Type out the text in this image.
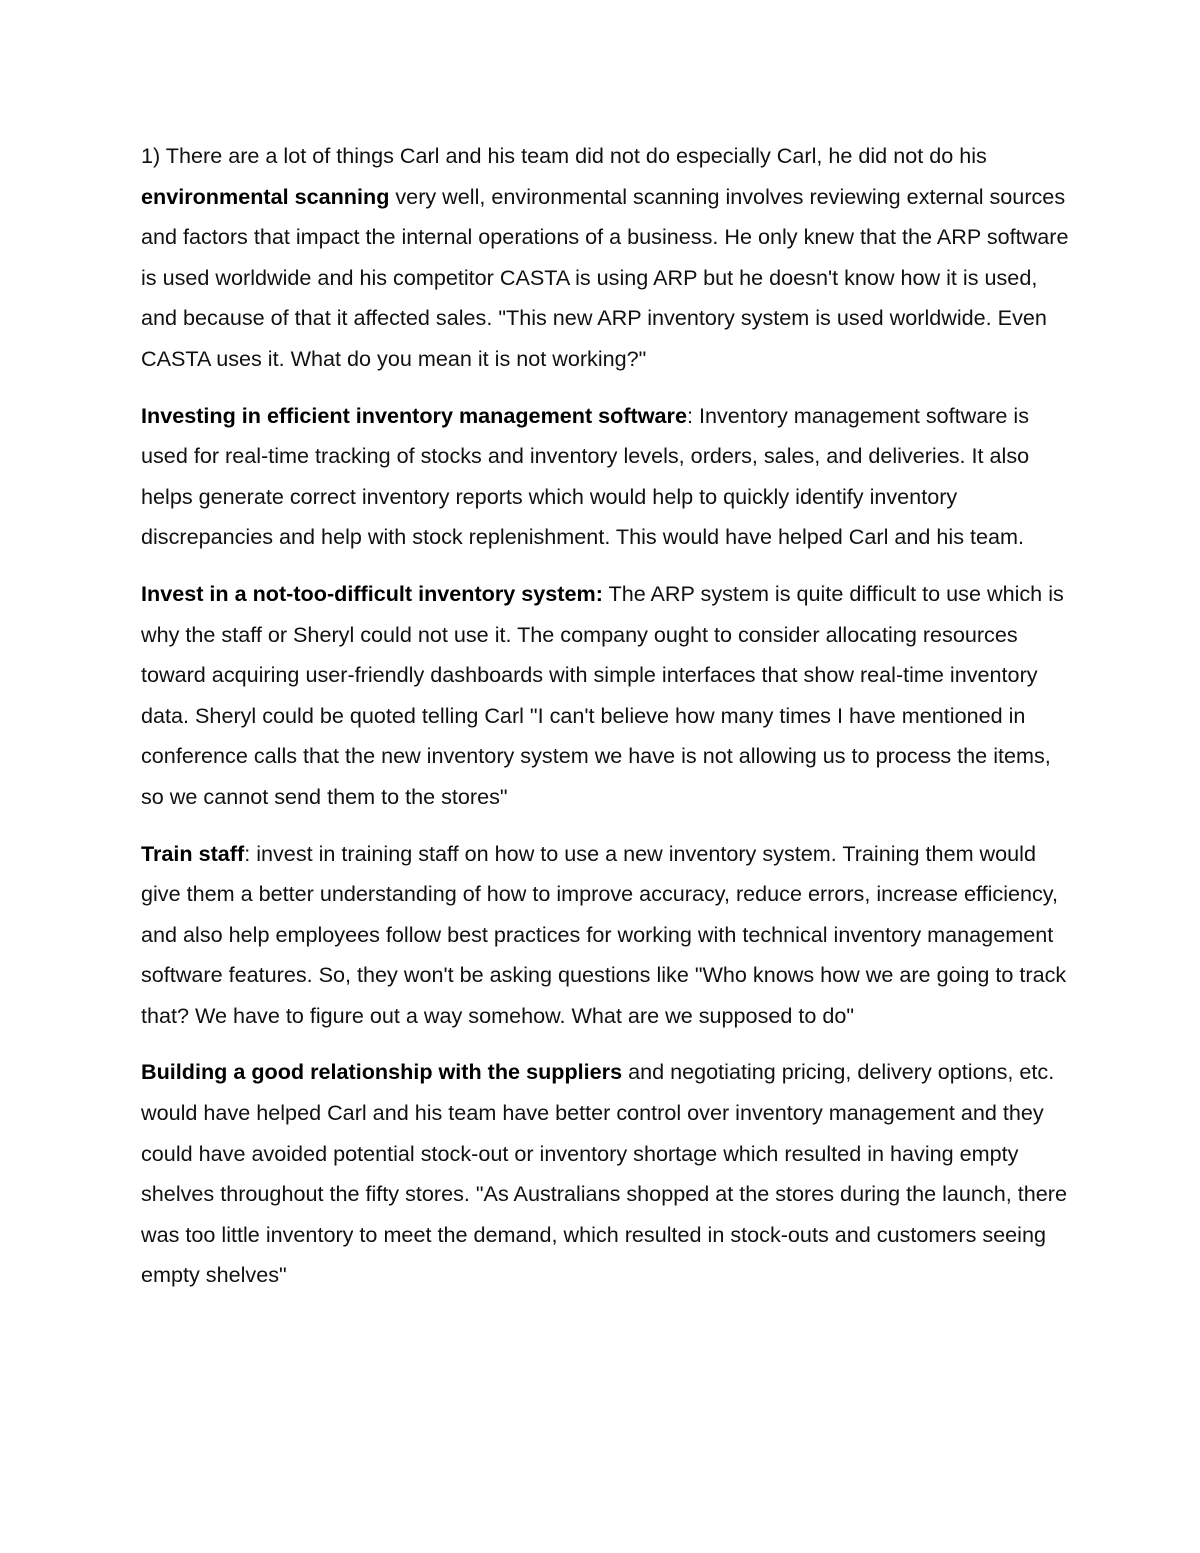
1) There are a lot of things Carl and his team did not do especially Carl, he did not do his environmental scanning very well, environmental scanning involves reviewing external sources and factors that impact the internal operations of a business. He only knew that the ARP software is used worldwide and his competitor CASTA is using ARP but he doesn't know how it is used, and because of that it affected sales. "This new ARP inventory system is used worldwide. Even CASTA uses it. What do you mean it is not working?"

Investing in efficient inventory management software: Inventory management software is used for real-time tracking of stocks and inventory levels, orders, sales, and deliveries. It also helps generate correct inventory reports which would help to quickly identify inventory discrepancies and help with stock replenishment. This would have helped Carl and his team.

Invest in a not-too-difficult inventory system: The ARP system is quite difficult to use which is why the staff or Sheryl could not use it. The company ought to consider allocating resources toward acquiring user-friendly dashboards with simple interfaces that show real-time inventory data. Sheryl could be quoted telling Carl "I can't believe how many times I have mentioned in conference calls that the new inventory system we have is not allowing us to process the items, so we cannot send them to the stores"

Train staff: invest in training staff on how to use a new inventory system. Training them would give them a better understanding of how to improve accuracy, reduce errors, increase efficiency, and also help employees follow best practices for working with technical inventory management software features. So, they won't be asking questions like "Who knows how we are going to track that? We have to figure out a way somehow. What are we supposed to do"

Building a good relationship with the suppliers and negotiating pricing, delivery options, etc. would have helped Carl and his team have better control over inventory management and they could have avoided potential stock-out or inventory shortage which resulted in having empty shelves throughout the fifty stores. "As Australians shopped at the stores during the launch, there was too little inventory to meet the demand, which resulted in stock-outs and customers seeing empty shelves"
